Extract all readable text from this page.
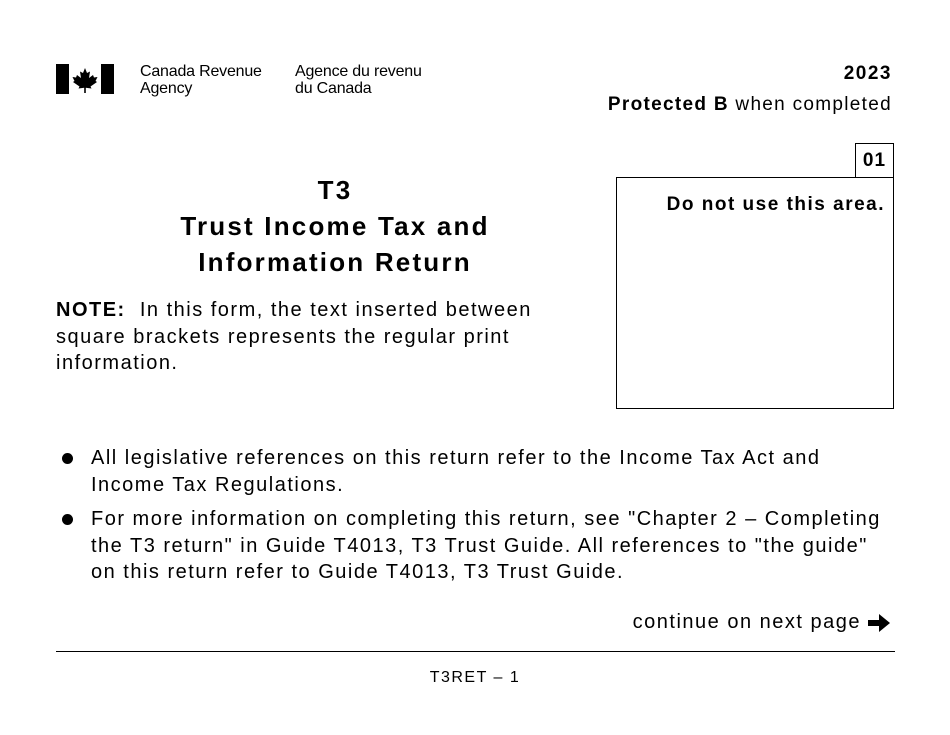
Canada Revenue
Agency
Agence du revenu
du Canada
2023
Protected B when completed
T3
Trust Income Tax and
Information Return
NOTE:  In this form, the text inserted between square brackets represents the regular print information.
01
Do not use this area.
All legislative references on this return refer to the Income Tax Act and Income Tax Regulations.
For more information on completing this return, see "Chapter 2 – Completing the T3 return" in Guide T4013, T3 Trust Guide. All references to "the guide" on this return refer to Guide T4013, T3 Trust Guide.
continue on next page
T3RET – 1
